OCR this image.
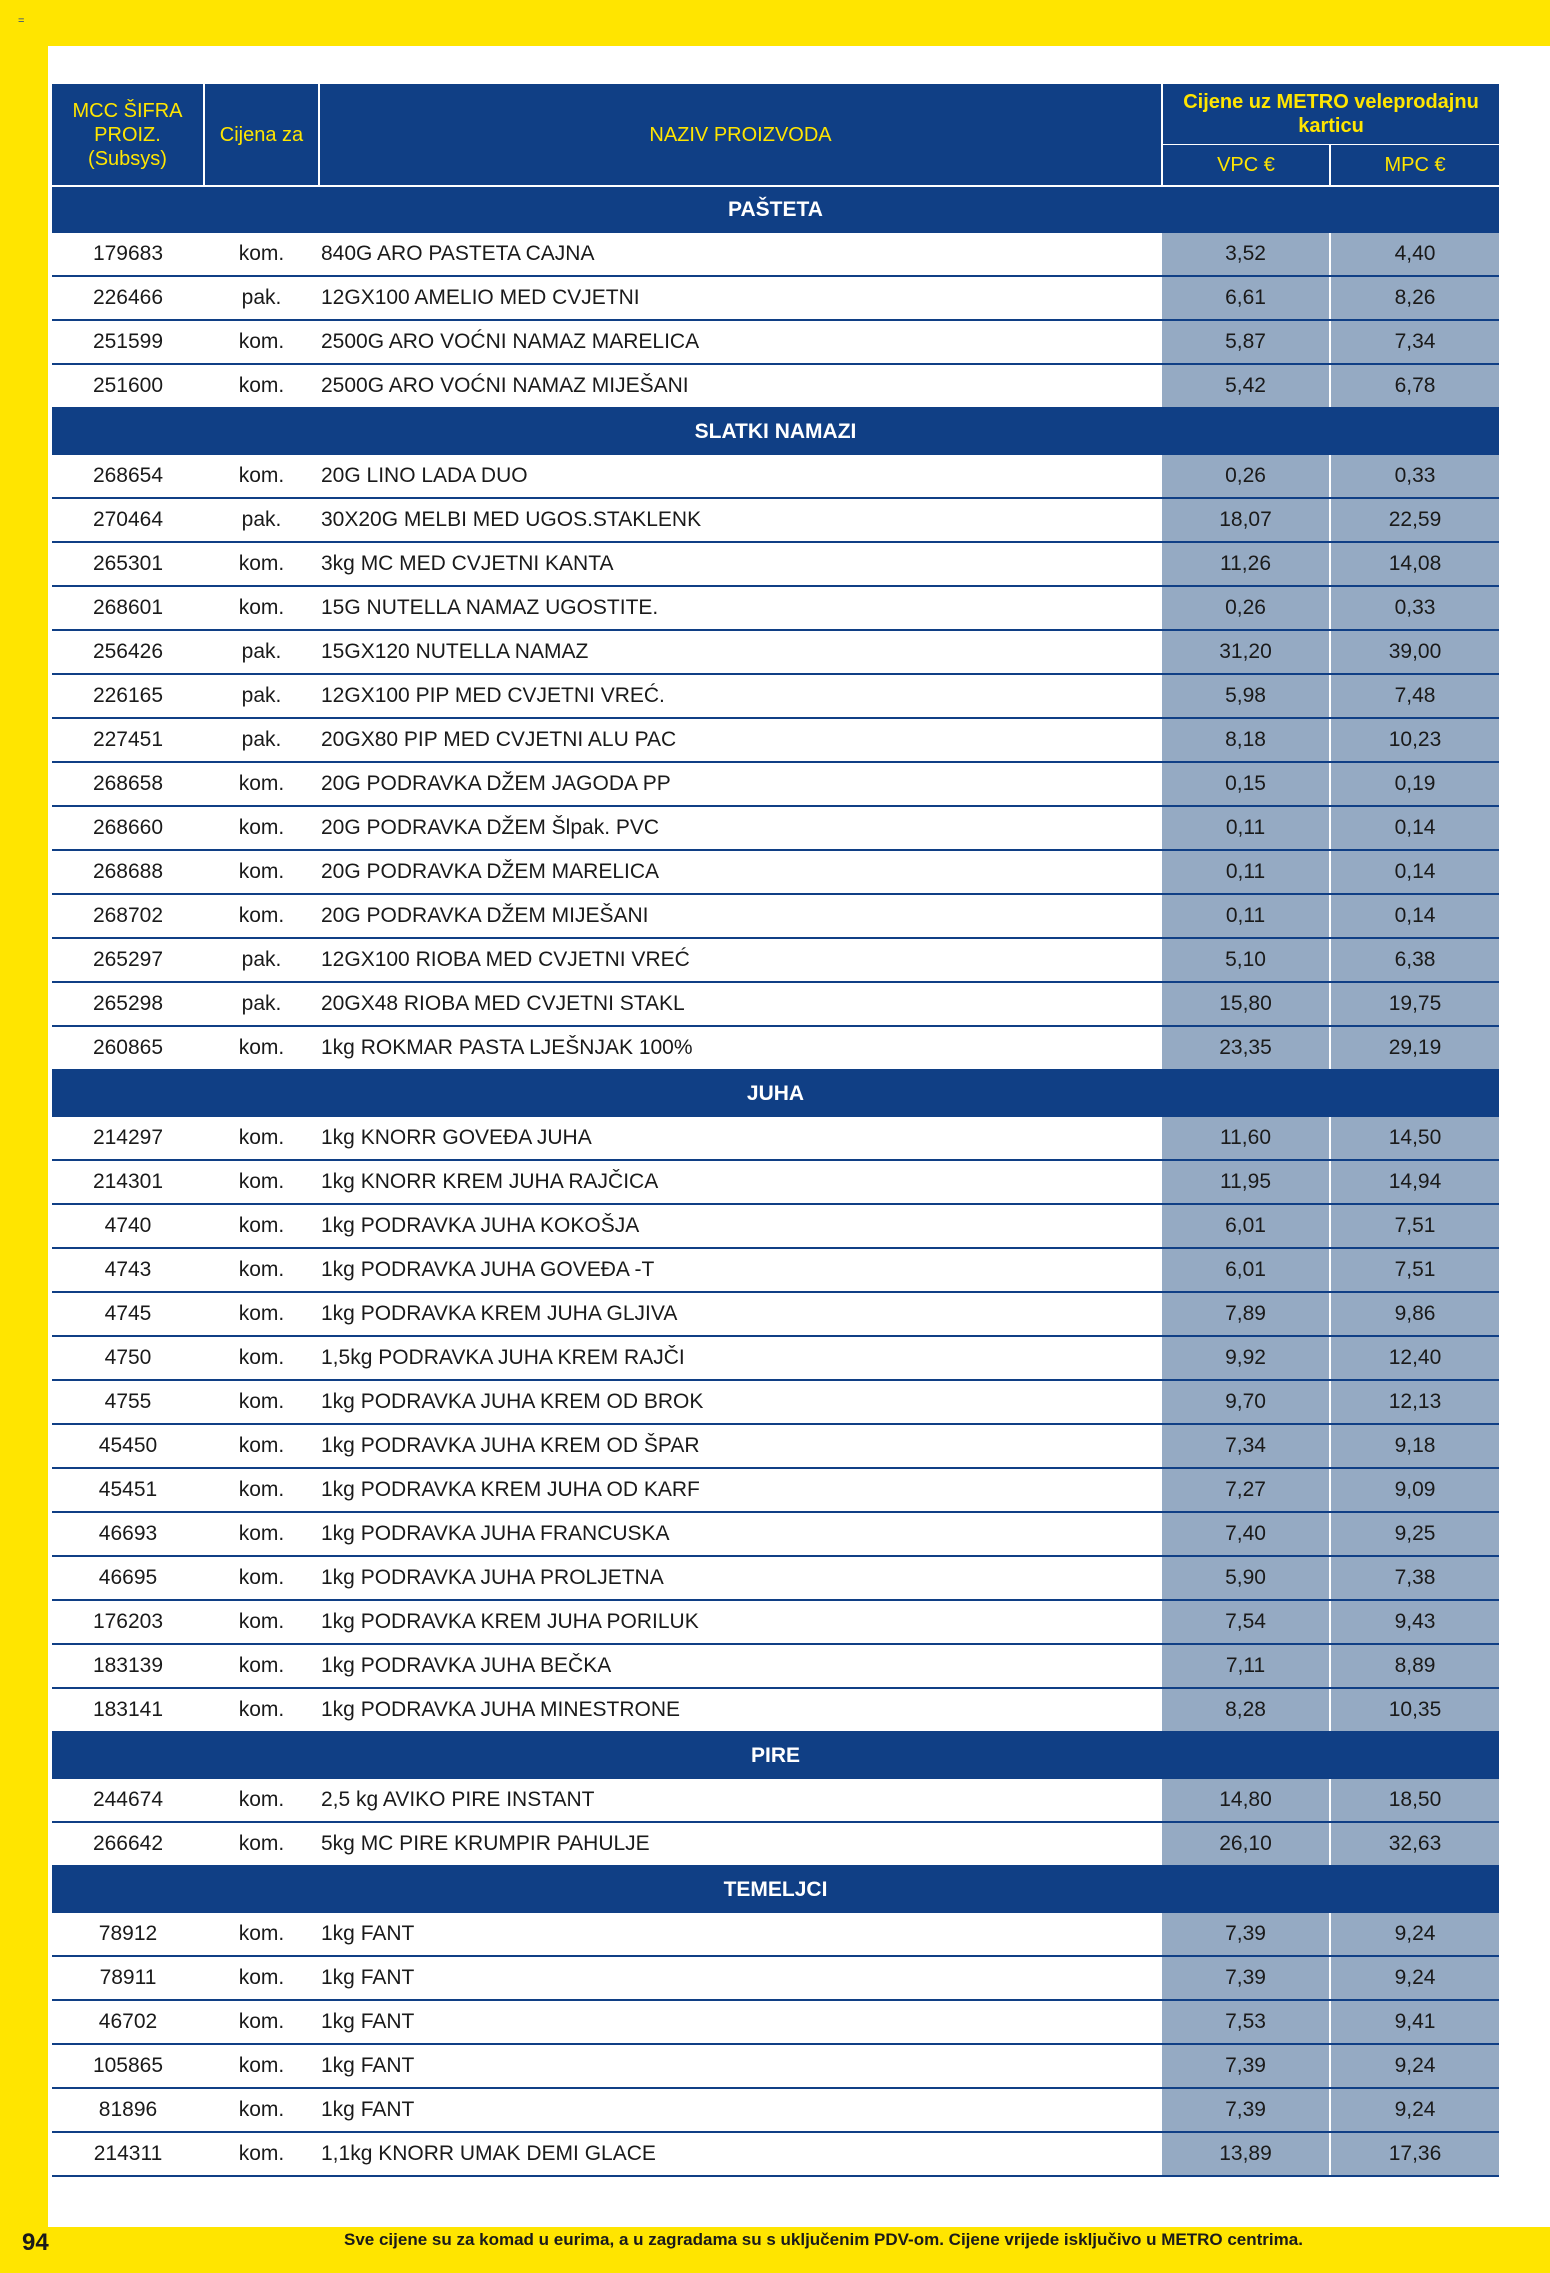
=
MCC ŠIFRA PROIZ. (Subsys)	Cijena za	NAZIV PROIZVODA	Cijene uz METRO veleprodajnu karticu	
			VPC €	MPC €
PAŠTETA				
179683	kom.	840G ARO PASTETA CAJNA	3,52	4,40
226466	pak.	12GX100 AMELIO MED CVJETNI	6,61	8,26
251599	kom.	2500G ARO VOĆNI NAMAZ MARELICA	5,87	7,34
251600	kom.	2500G ARO VOĆNI NAMAZ MIJEŠANI	5,42	6,78
SLATKI NAMAZI				
268654	kom.	20G LINO LADA DUO	0,26	0,33
270464	pak.	30X20G MELBI MED UGOS.STAKLENK	18,07	22,59
265301	kom.	3kg MC MED CVJETNI KANTA	11,26	14,08
268601	kom.	15G NUTELLA NAMAZ UGOSTITE.	0,26	0,33
256426	pak.	15GX120 NUTELLA NAMAZ	31,20	39,00
226165	pak.	12GX100 PIP MED CVJETNI VREĆ.	5,98	7,48
227451	pak.	20GX80 PIP MED CVJETNI ALU PAC	8,18	10,23
268658	kom.	20G PODRAVKA DŽEM JAGODA PP	0,15	0,19
268660	kom.	20G PODRAVKA DŽEM Šlpak. PVC	0,11	0,14
268688	kom.	20G PODRAVKA DŽEM MARELICA	0,11	0,14
268702	kom.	20G PODRAVKA DŽEM MIJEŠANI	0,11	0,14
265297	pak.	12GX100 RIOBA MED CVJETNI VREĆ	5,10	6,38
265298	pak.	20GX48 RIOBA MED CVJETNI STAKL	15,80	19,75
260865	kom.	1kg ROKMAR PASTA LJEŠNJAK 100%	23,35	29,19
JUHA				
214297	kom.	1kg KNORR GOVEĐA JUHA	11,60	14,50
214301	kom.	1kg KNORR KREM JUHA RAJČICA	11,95	14,94
4740	kom.	1kg PODRAVKA JUHA KOKOŠJA	6,01	7,51
4743	kom.	1kg PODRAVKA JUHA GOVEĐA -T	6,01	7,51
4745	kom.	1kg PODRAVKA KREM JUHA GLJIVA	7,89	9,86
4750	kom.	1,5kg PODRAVKA JUHA KREM RAJČI	9,92	12,40
4755	kom.	1kg PODRAVKA JUHA KREM OD BROK	9,70	12,13
45450	kom.	1kg PODRAVKA JUHA KREM OD ŠPAR	7,34	9,18
45451	kom.	1kg PODRAVKA KREM JUHA OD KARF	7,27	9,09
46693	kom.	1kg PODRAVKA JUHA FRANCUSKA	7,40	9,25
46695	kom.	1kg PODRAVKA JUHA PROLJETNA	5,90	7,38
176203	kom.	1kg PODRAVKA KREM JUHA PORILUK	7,54	9,43
183139	kom.	1kg PODRAVKA JUHA BEČKA	7,11	8,89
183141	kom.	1kg PODRAVKA JUHA MINESTRONE	8,28	10,35
PIRE				
244674	kom.	2,5 kg AVIKO PIRE INSTANT	14,80	18,50
266642	kom.	5kg MC PIRE KRUMPIR PAHULJE	26,10	32,63
TEMELJCI				
78912	kom.	1kg FANT	7,39	9,24
78911	kom.	1kg FANT	7,39	9,24
46702	kom.	1kg FANT	7,53	9,41
105865	kom.	1kg FANT	7,39	9,24
81896	kom.	1kg FANT	7,39	9,24
214311	kom.	1,1kg KNORR UMAK DEMI GLACE	13,89	17,36
94	Sve cijene su za komad u eurima, a u zagradama su s uključenim PDV-om. Cijene vrijede isključivo u METRO centrima.
